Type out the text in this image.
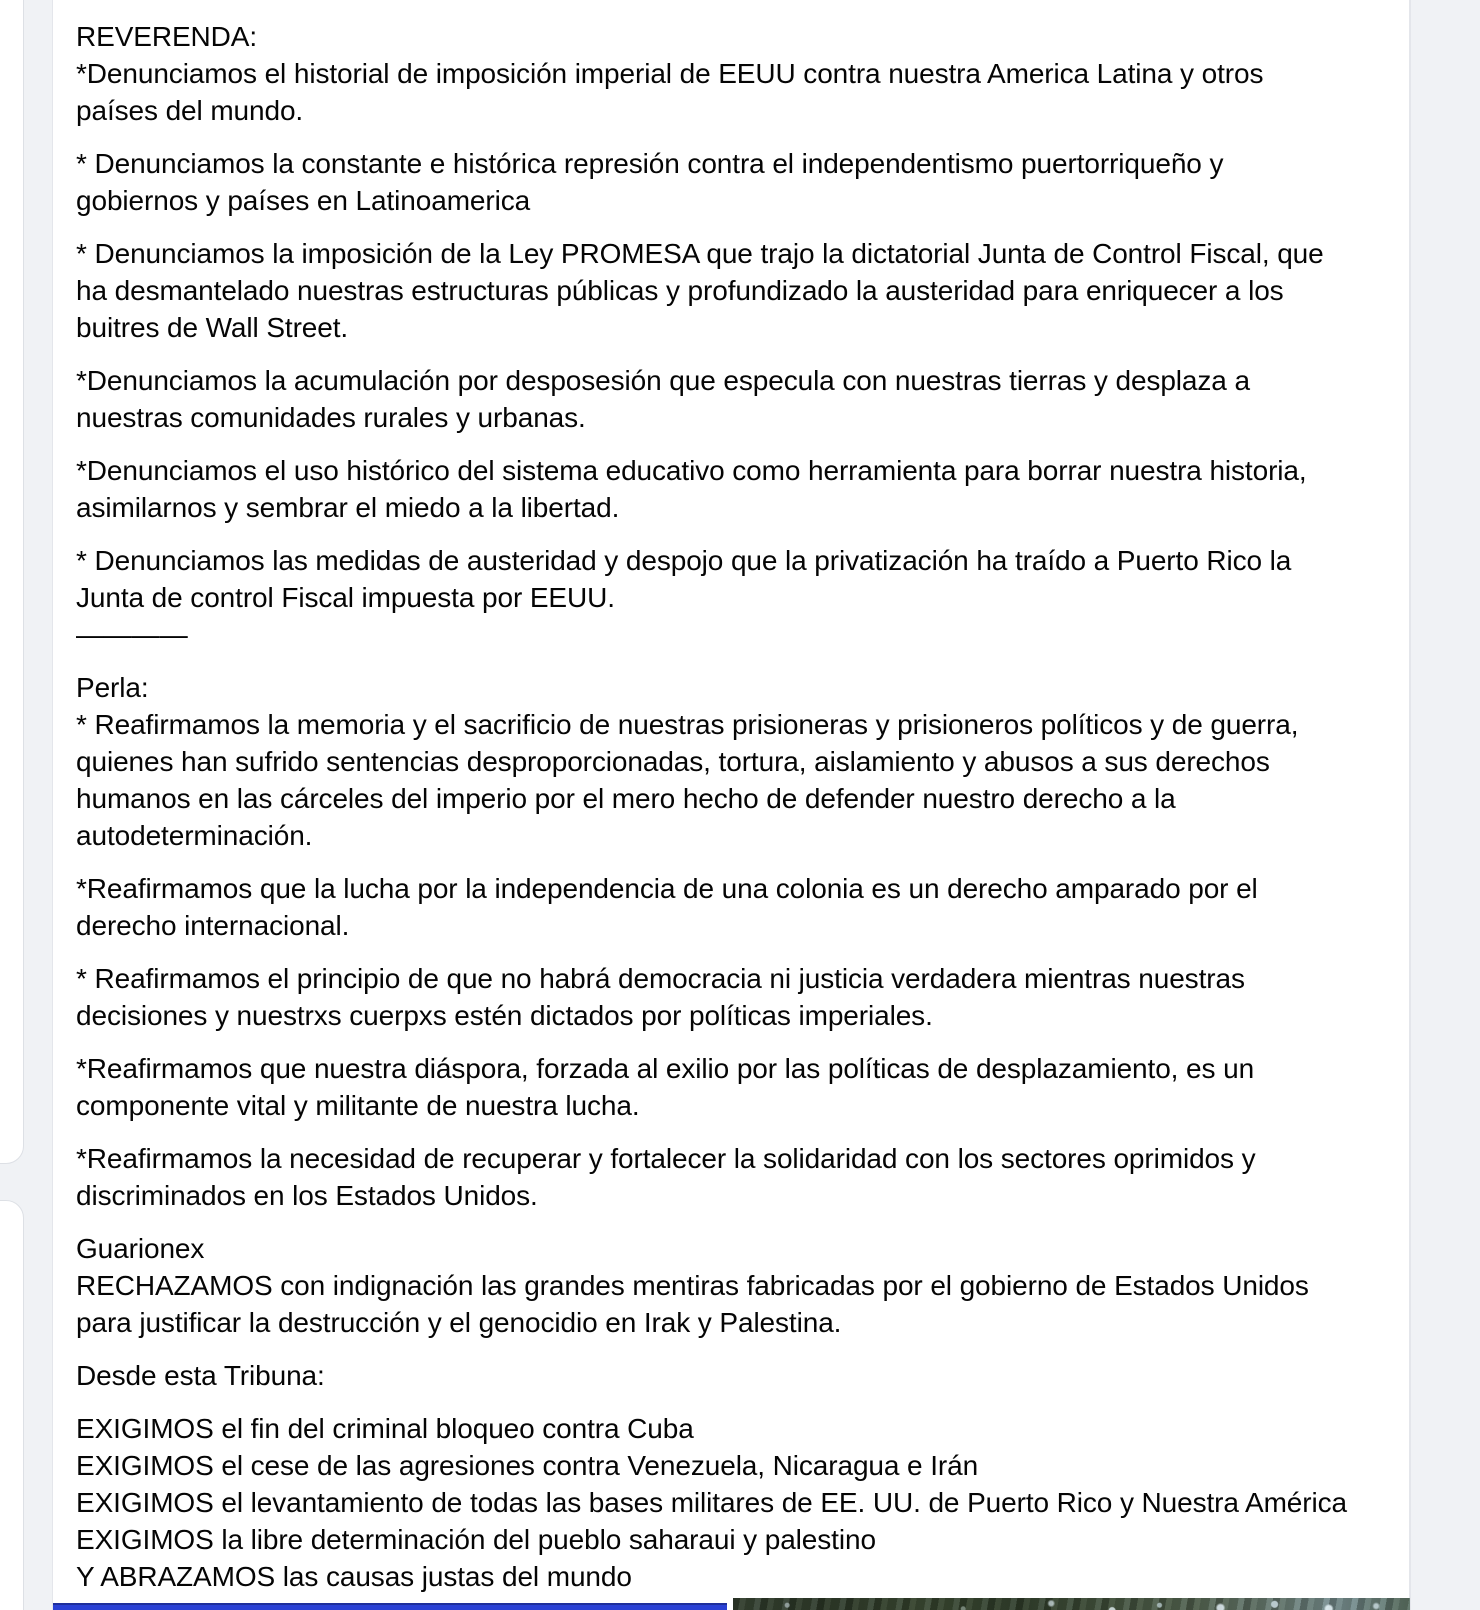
REVERENDA:
*Denunciamos el historial de imposición imperial de EEUU contra nuestra America Latina y otros
países del mundo.
* Denunciamos la constante e histórica represión contra el independentismo puertorriqueño y
gobiernos y países en Latinoamerica
* Denunciamos la imposición de la Ley PROMESA que trajo la dictatorial Junta de Control Fiscal, que
ha desmantelado nuestras estructuras públicas y profundizado la austeridad para enriquecer a los
buitres de Wall Street.
*Denunciamos la acumulación por desposesión que especula con nuestras tierras y desplaza a
nuestras comunidades rurales y urbanas.
*Denunciamos el uso histórico del sistema educativo como herramienta para borrar nuestra historia,
asimilarnos y sembrar el miedo a la libertad.
* Denunciamos las medidas de austeridad y despojo que la privatización ha traído a Puerto Rico la
Junta de control Fiscal impuesta por EEUU.
————
Perla:
* Reafirmamos la memoria y el sacrificio de nuestras prisioneras y prisioneros políticos y de guerra,
quienes han sufrido sentencias desproporcionadas, tortura, aislamiento y abusos a sus derechos
humanos en las cárceles del imperio por el mero hecho de defender nuestro derecho a la
autodeterminación.
*Reafirmamos que la lucha por la independencia de una colonia es un derecho amparado por el
derecho internacional.
* Reafirmamos el principio de que no habrá democracia ni justicia verdadera mientras nuestras
decisiones y nuestrxs cuerpxs estén dictados por políticas imperiales.
*Reafirmamos que nuestra diáspora, forzada al exilio por las políticas de desplazamiento, es un
componente vital y militante de nuestra lucha.
*Reafirmamos la necesidad de recuperar y fortalecer la solidaridad con los sectores oprimidos y
discriminados en los Estados Unidos.
Guarionex
RECHAZAMOS con indignación las grandes mentiras fabricadas por el gobierno de Estados Unidos
para justificar la destrucción y el genocidio en Irak y Palestina.
Desde esta Tribuna:
EXIGIMOS el fin del criminal bloqueo contra Cuba
EXIGIMOS el cese de las agresiones contra Venezuela, Nicaragua e Irán
EXIGIMOS el levantamiento de todas las bases militares de EE. UU. de Puerto Rico y Nuestra América
EXIGIMOS la libre determinación del pueblo saharaui y palestino
Y ABRAZAMOS las causas justas del mundo
